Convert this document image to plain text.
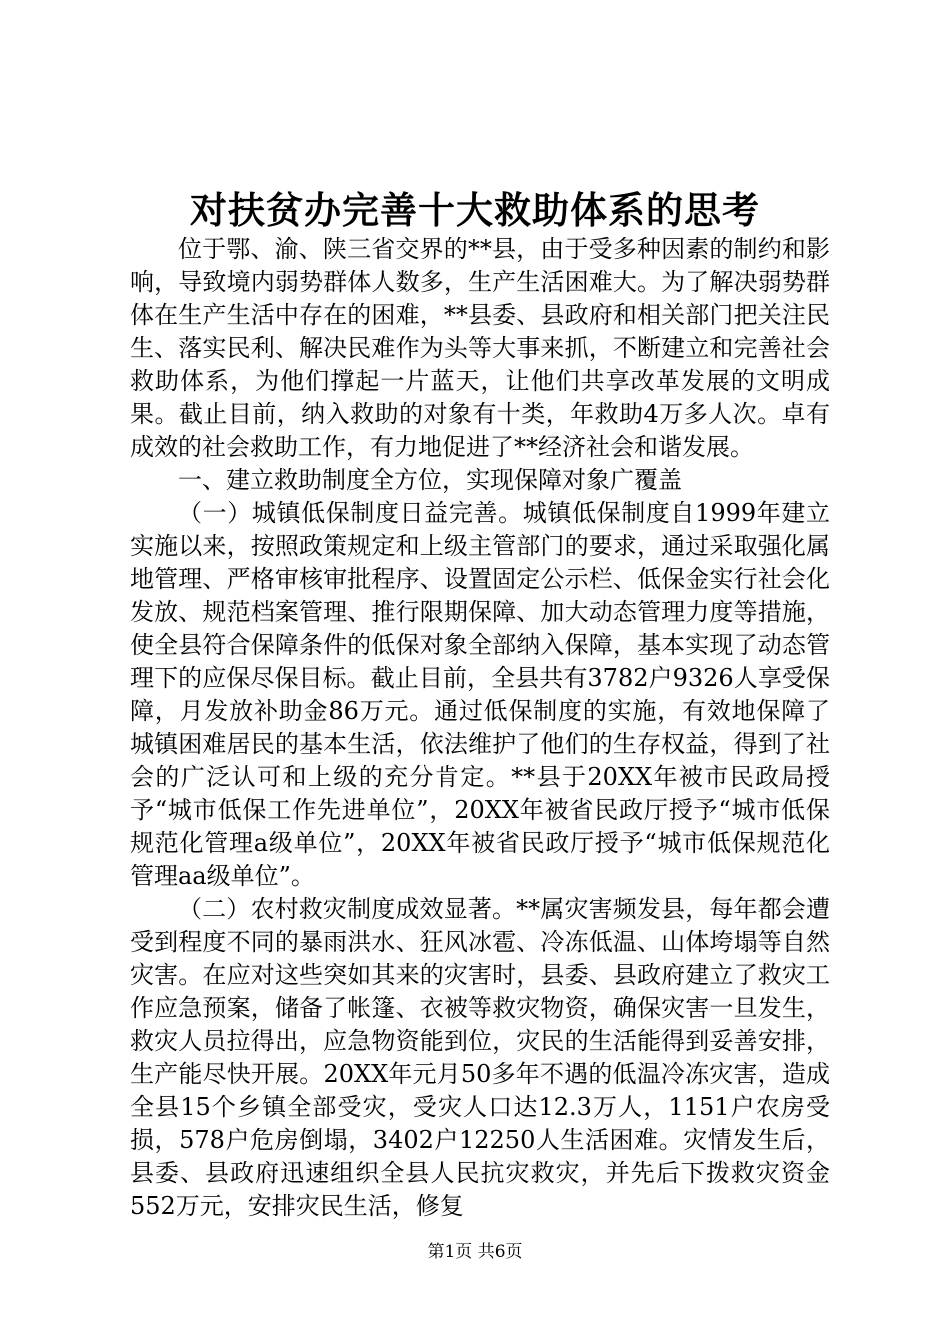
对扶贫办完善十大救助体系的思考

位于鄂、渝、陕三省交界的**县，由于受多种因素的制约和影响，导致境内弱势群体人数多，生产生活困难大。为了解决弱势群体在生产生活中存在的困难，**县委、县政府和相关部门把关注民生、落实民利、解决民难作为头等大事来抓，不断建立和完善社会救助体系，为他们撑起一片蓝天，让他们共享改革发展的文明成果。截止目前，纳入救助的对象有十类，年救助4万多人次。卓有成效的社会救助工作，有力地促进了**经济社会和谐发展。

一、建立救助制度全方位，实现保障对象广覆盖

（一）城镇低保制度日益完善。城镇低保制度自1999年建立实施以来，按照政策规定和上级主管部门的要求，通过采取强化属地管理、严格审核审批程序、设置固定公示栏、低保金实行社会化发放、规范档案管理、推行限期保障、加大动态管理力度等措施，使全县符合保障条件的低保对象全部纳入保障，基本实现了动态管理下的应保尽保目标。截止目前，全县共有3782户9326人享受保障，月发放补助金86万元。通过低保制度的实施，有效地保障了城镇困难居民的基本生活，依法维护了他们的生存权益，得到了社会的广泛认可和上级的充分肯定。**县于20XX年被市民政局授予“城市低保工作先进单位”，20XX年被省民政厅授予“城市低保规范化管理a级单位”，20XX年被省民政厅授予“城市低保规范化管理aa级单位”。

（二）农村救灾制度成效显著。**属灾害频发县，每年都会遭受到程度不同的暴雨洪水、狂风冰雹、冷冻低温、山体垮塌等自然灾害。在应对这些突如其来的灾害时，县委、县政府建立了救灾工作应急预案，储备了帐篷、衣被等救灾物资，确保灾害一旦发生，救灾人员拉得出，应急物资能到位，灾民的生活能得到妥善安排，生产能尽快开展。20XX年元月50多年不遇的低温冷冻灾害，造成全县15个乡镇全部受灾，受灾人口达12.3万人，1151户农房受损，578户危房倒塌，3402户12250人生活困难。灾情发生后，县委、县政府迅速组织全县人民抗灾救灾，并先后下拨救灾资金552万元，安排灾民生活，修复

第1页 共6页
